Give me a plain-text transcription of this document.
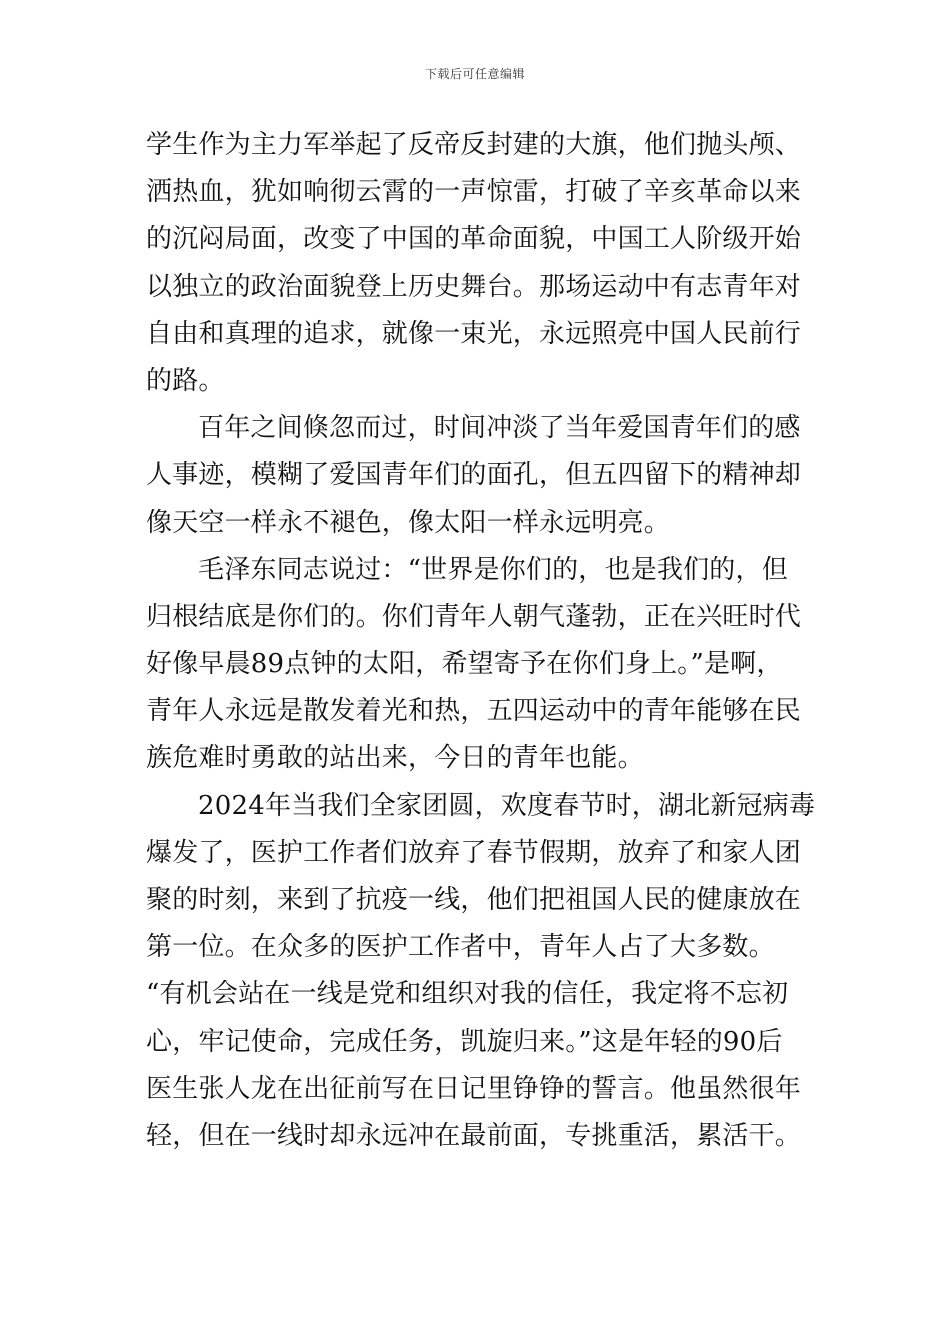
下载后可任意编辑
学生作为主力军举起了反帝反封建的大旗，他们抛头颅、
洒热血，犹如响彻云霄的一声惊雷，打破了辛亥革命以来
的沉闷局面，改变了中国的革命面貌，中国工人阶级开始
以独立的政治面貌登上历史舞台。那场运动中有志青年对
自由和真理的追求，就像一束光，永远照亮中国人民前行
的路。
百年之间倏忽而过，时间冲淡了当年爱国青年们的感
人事迹，模糊了爱国青年们的面孔，但五四留下的精神却
像天空一样永不褪色，像太阳一样永远明亮。
毛泽东同志说过：“世界是你们的，也是我们的，但
归根结底是你们的。你们青年人朝气蓬勃，正在兴旺时代
好像早晨89点钟的太阳，希望寄予在你们身上。”是啊，
青年人永远是散发着光和热，五四运动中的青年能够在民
族危难时勇敢的站出来，今日的青年也能。
2024年当我们全家团圆，欢度春节时，湖北新冠病毒
爆发了，医护工作者们放弃了春节假期，放弃了和家人团
聚的时刻，来到了抗疫一线，他们把祖国人民的健康放在
第一位。在众多的医护工作者中，青年人占了大多数。
“有机会站在一线是党和组织对我的信任，我定将不忘初
心，牢记使命，完成任务，凯旋归来。”这是年轻的90后
医生张人龙在出征前写在日记里铮铮的誓言。他虽然很年
轻，但在一线时却永远冲在最前面，专挑重活，累活干。
